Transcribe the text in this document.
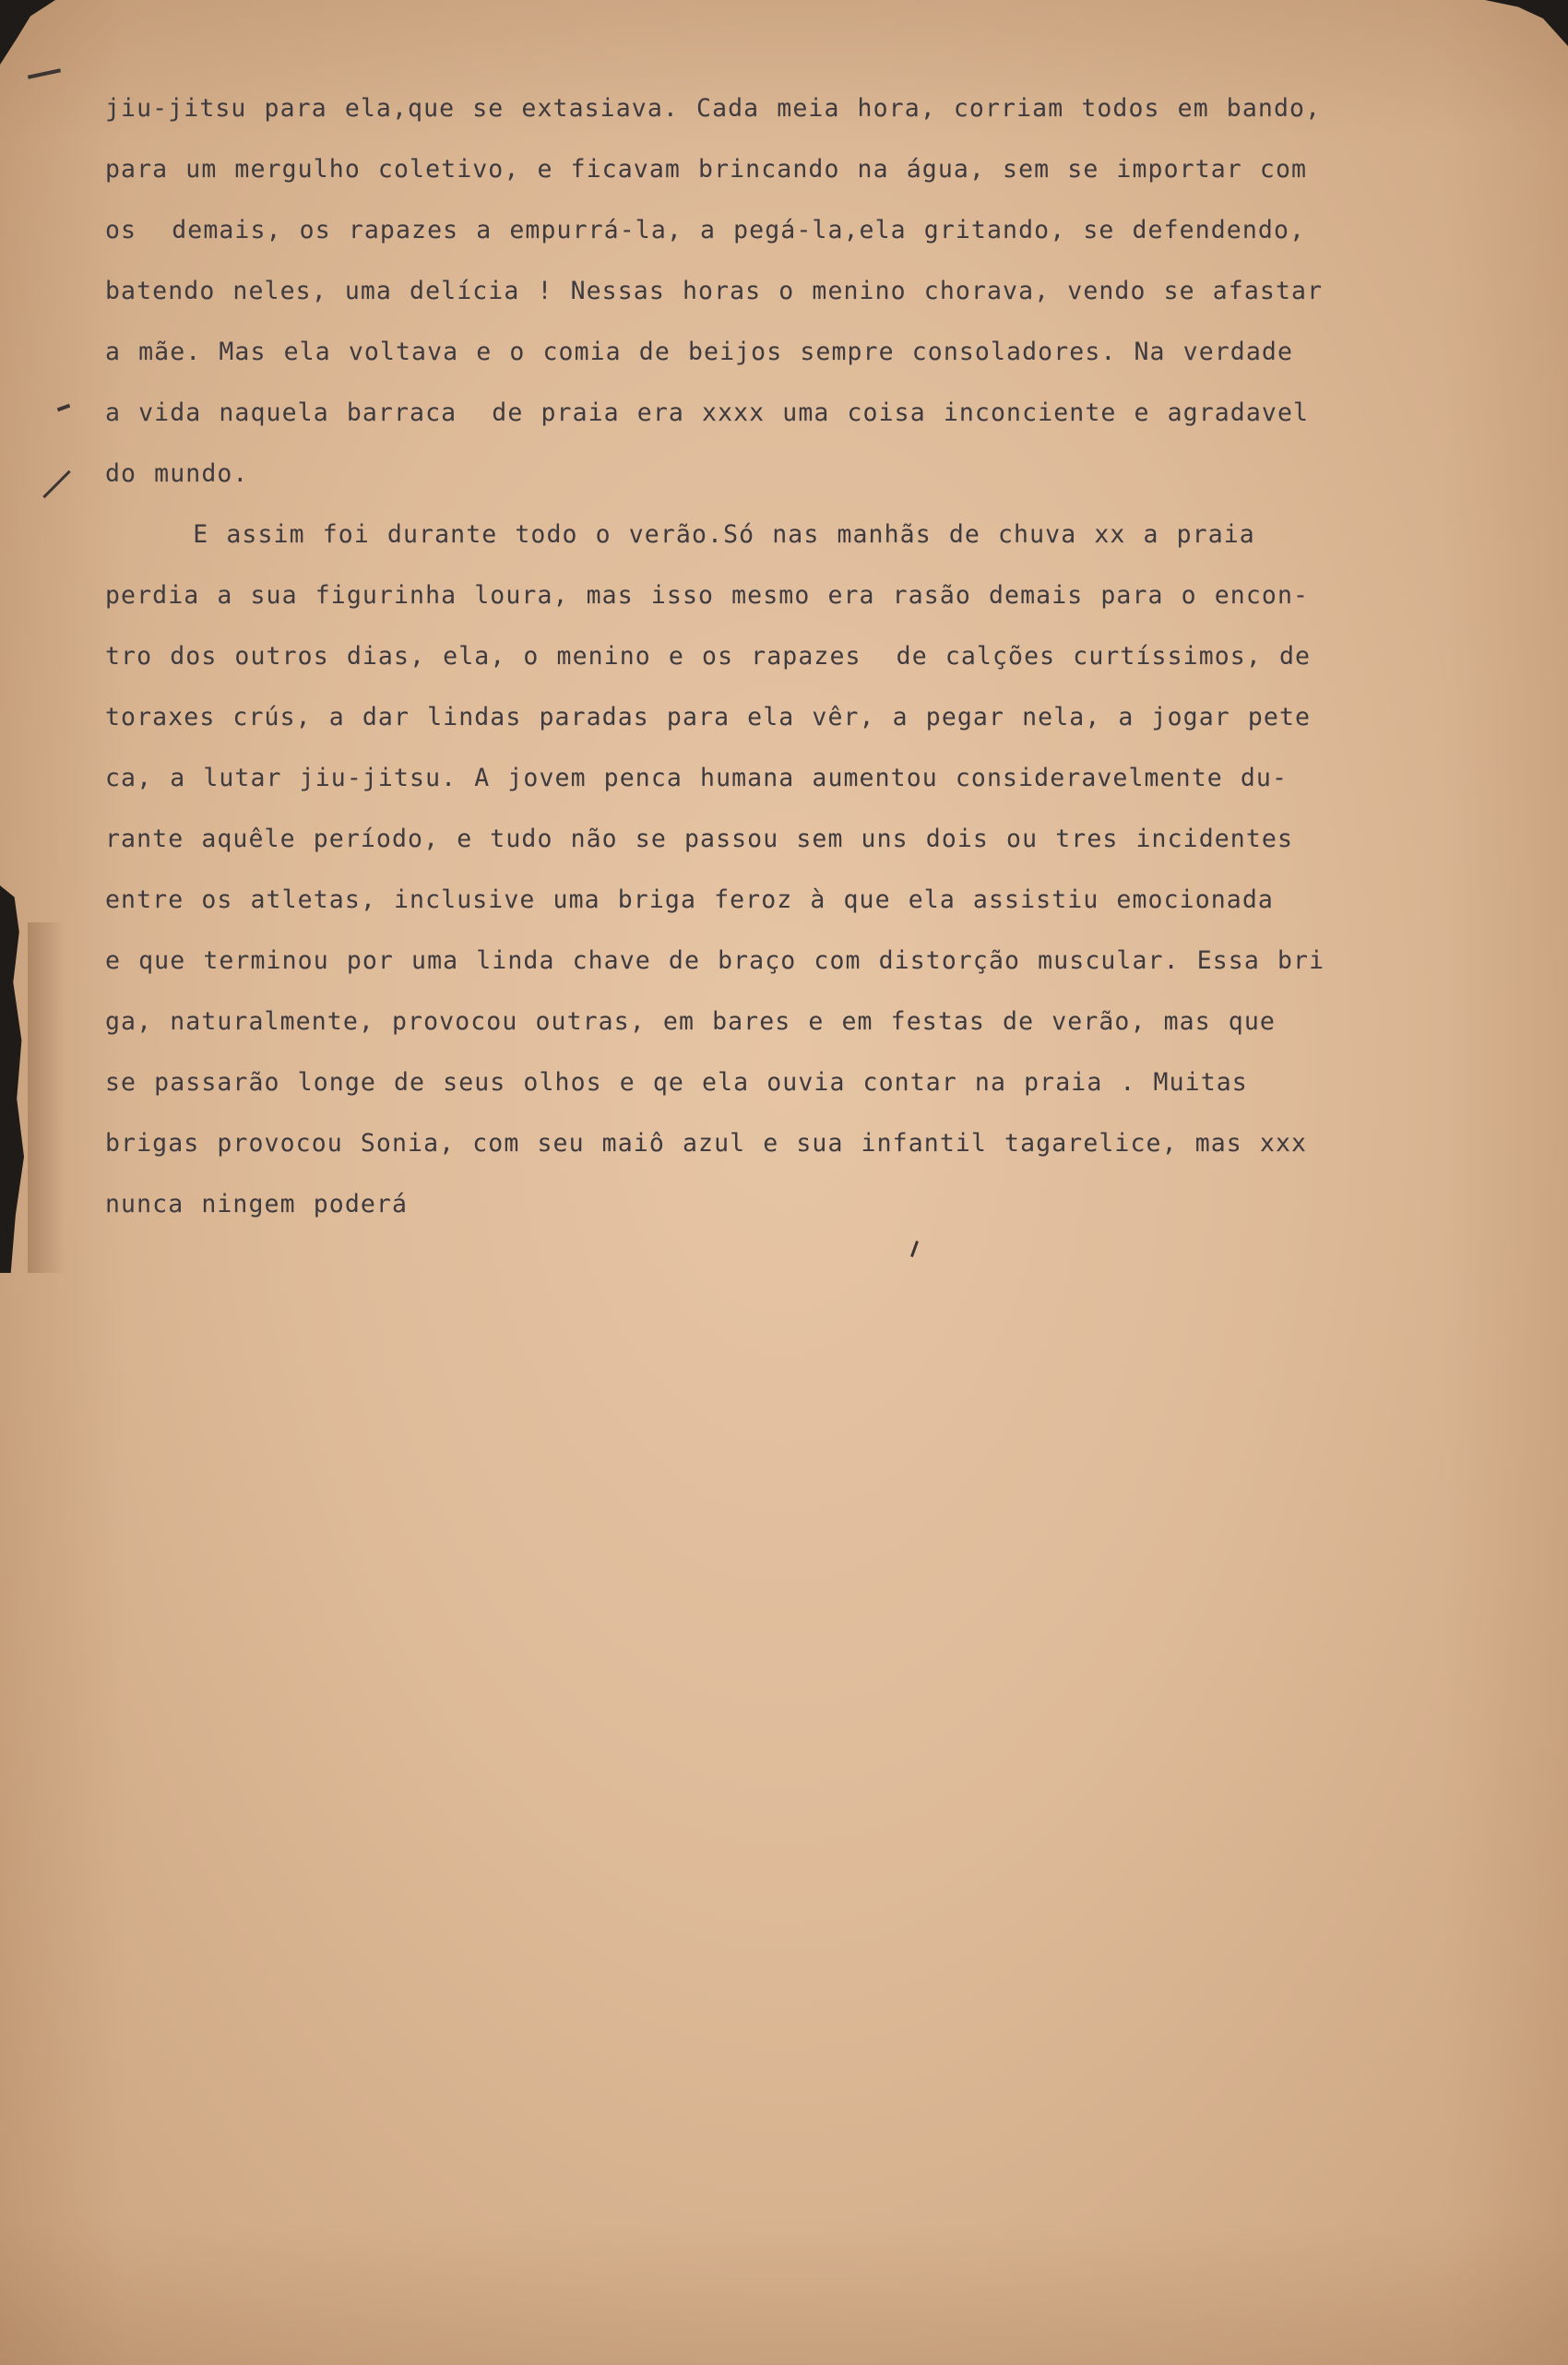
jiu-jitsu para ela,que se extasiava. Cada meia hora, corriam todos em bando,
para um mergulho coletivo, e ficavam brincando na água, sem se importar com
os  demais, os rapazes a empurrá-la, a pegá-la,ela gritando, se defendendo,
batendo neles, uma delícia ! Nessas horas o menino chorava, vendo se afastar
a mãe. Mas ela voltava e o comia de beijos sempre consoladores. Na verdade
a vida naquela barraca  de praia era xxxx uma coisa inconciente e agradavel
do mundo.
E assim foi durante todo o verão.Só nas manhãs de chuva xx a praia
perdia a sua figurinha loura, mas isso mesmo era rasão demais para o encon-
tro dos outros dias, ela, o menino e os rapazes  de calções curtíssimos, de
toraxes crús, a dar lindas paradas para ela vêr, a pegar nela, a jogar pete
ca, a lutar jiu-jitsu. A jovem penca humana aumentou consideravelmente du-
rante aquêle período, e tudo não se passou sem uns dois ou tres incidentes
entre os atletas, inclusive uma briga feroz à que ela assistiu emocionada
e que terminou por uma linda chave de braço com distorção muscular. Essa bri
ga, naturalmente, provocou outras, em bares e em festas de verão, mas que
se passarão longe de seus olhos e qe ela ouvia contar na praia . Muitas
brigas provocou Sonia, com seu maiô azul e sua infantil tagarelice, mas xxx
nunca ningem poderá
